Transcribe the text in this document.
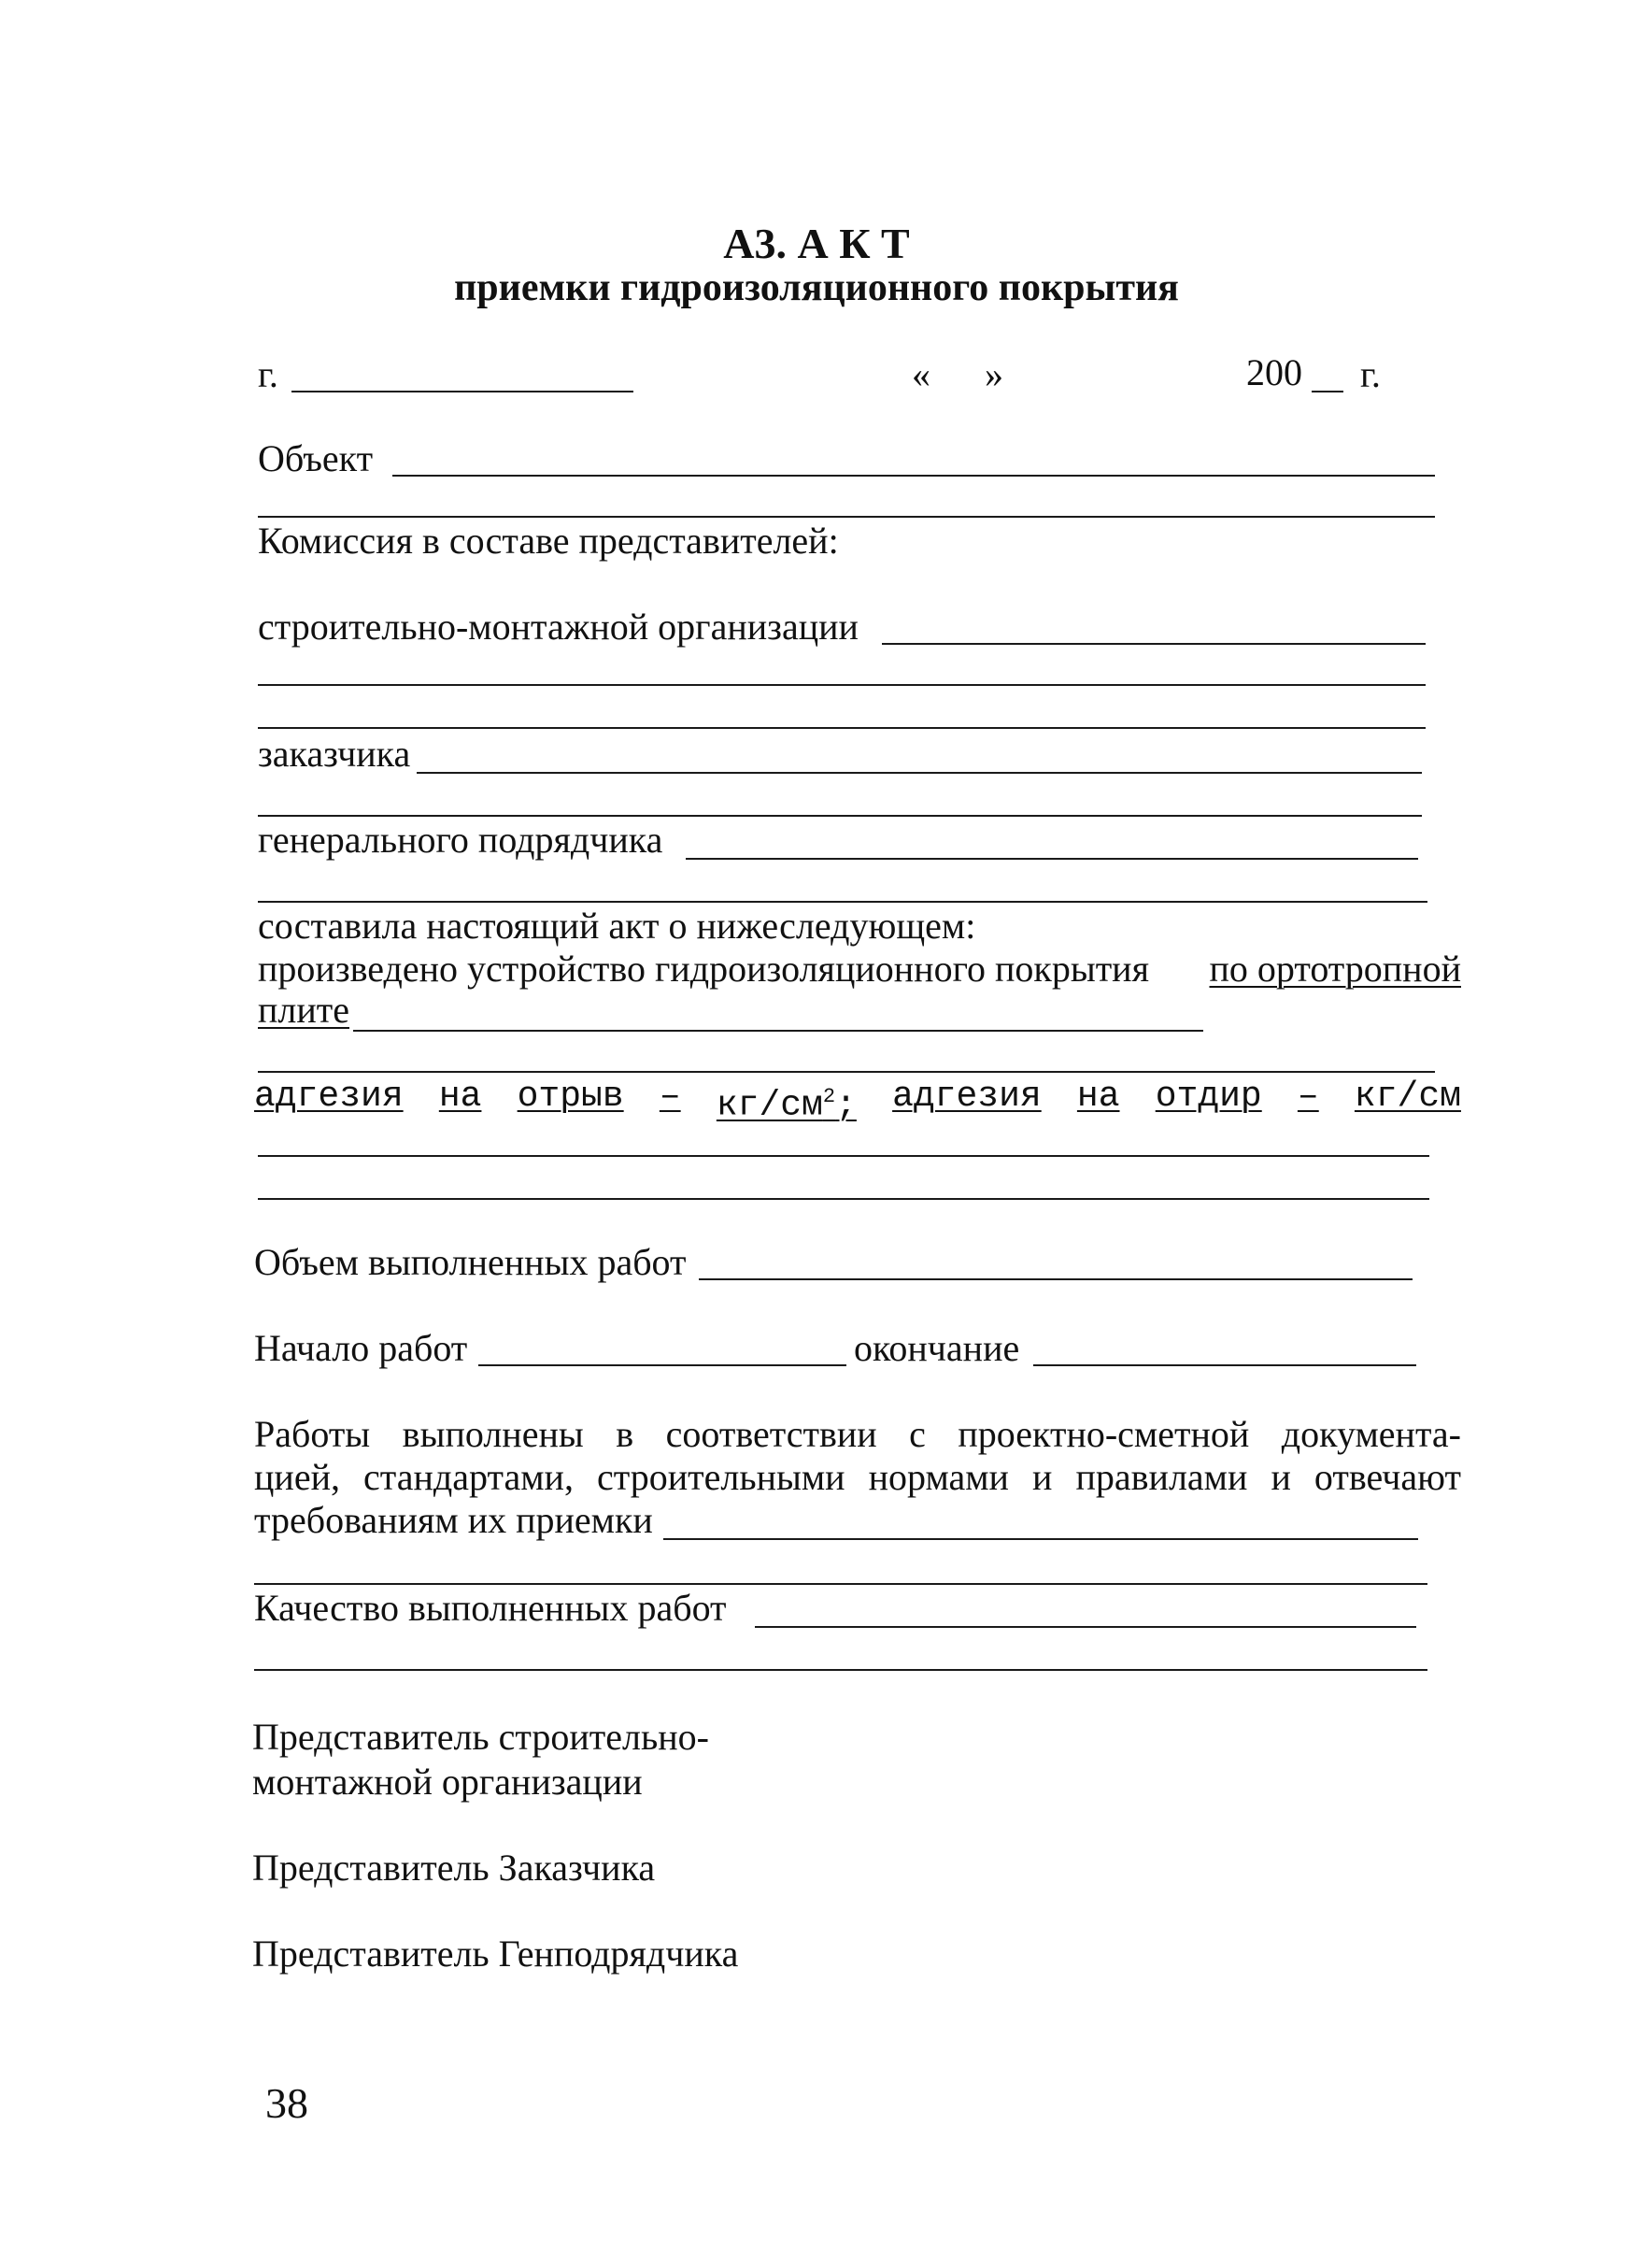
А3. А К Т
приемки гидроизоляционного покрытия
г.	« »	200 г.
Объект
Комиссия в составе представителей:
строительно-монтажной организации
заказчика
генерального подрядчика
составила настоящий акт о нижеследующем:
произведено устройство гидроизоляционного покрытия по ортотропной
плите
адгезия на отрыв – $кг/см^2$; адгезия на отдир – кг/см
Объем выполненных работ
Начало работ	окончание
Работы выполнены в соответствии с проектно-сметной документа-
цией, стандартами, строительными нормами и правилами и отвечают
требованиям их приемки
Качество выполненных работ
Представитель строительно-
монтажной организации
Представитель Заказчика
Представитель Генподрядчика
38
